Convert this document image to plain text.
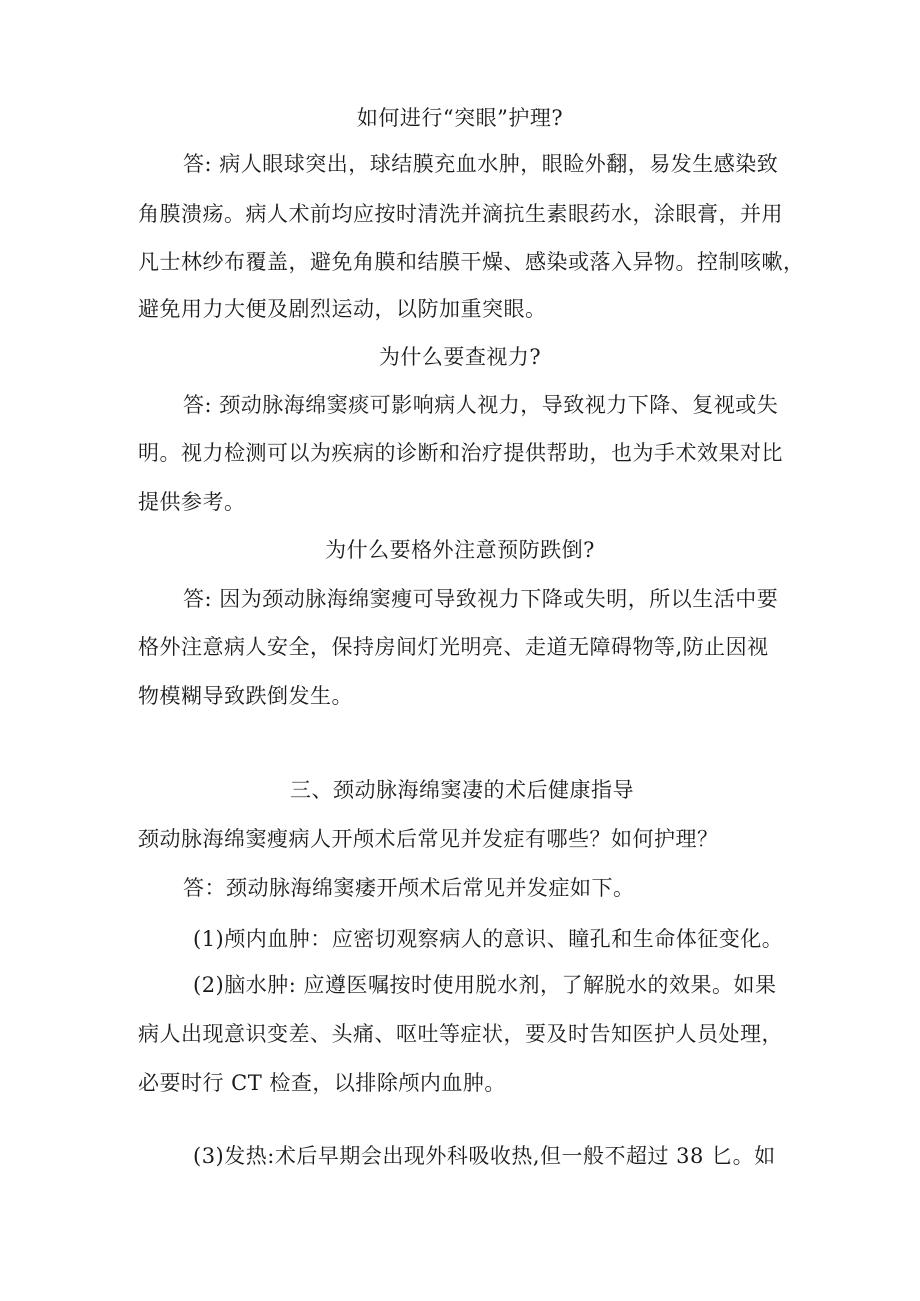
如何进行“突眼”护理?
答: 病人眼球突出，球结膜充血水肿，眼睑外翻，易发生感染致
角膜溃疡。病人术前均应按时清洗并滴抗生素眼药水，涂眼膏，并用
凡士林纱布覆盖，避免角膜和结膜干燥、感染或落入异物。控制咳嗽，
避免用力大便及剧烈运动，以防加重突眼。
为什么要查视力?
答: 颈动脉海绵窦痰可影响病人视力，导致视力下降、复视或失
明。视力检测可以为疾病的诊断和治疗提供帮助，也为手术效果对比
提供参考。
为什么要格外注意预防跌倒?
答: 因为颈动脉海绵窦瘦可导致视力下降或失明，所以生活中要
格外注意病人安全，保持房间灯光明亮、走道无障碍物等,防止因视
物模糊导致跌倒发生。
三、颈动脉海绵窦凄的术后健康指导
颈动脉海绵窦瘦病人开颅术后常见并发症有哪些？如何护理？
答：颈动脉海绵窦痿开颅术后常见并发症如下。
(1)颅内血肿：应密切观察病人的意识、瞳孔和生命体征变化。
(2)脑水肿: 应遵医嘱按时使用脱水剂，了解脱水的效果。如果
病人出现意识变差、头痛、呕吐等症状，要及时告知医护人员处理，
必要时行 CT 检查，以排除颅内血肿。
(3)发热:术后早期会出现外科吸收热,但一般不超过 38 匕。如
